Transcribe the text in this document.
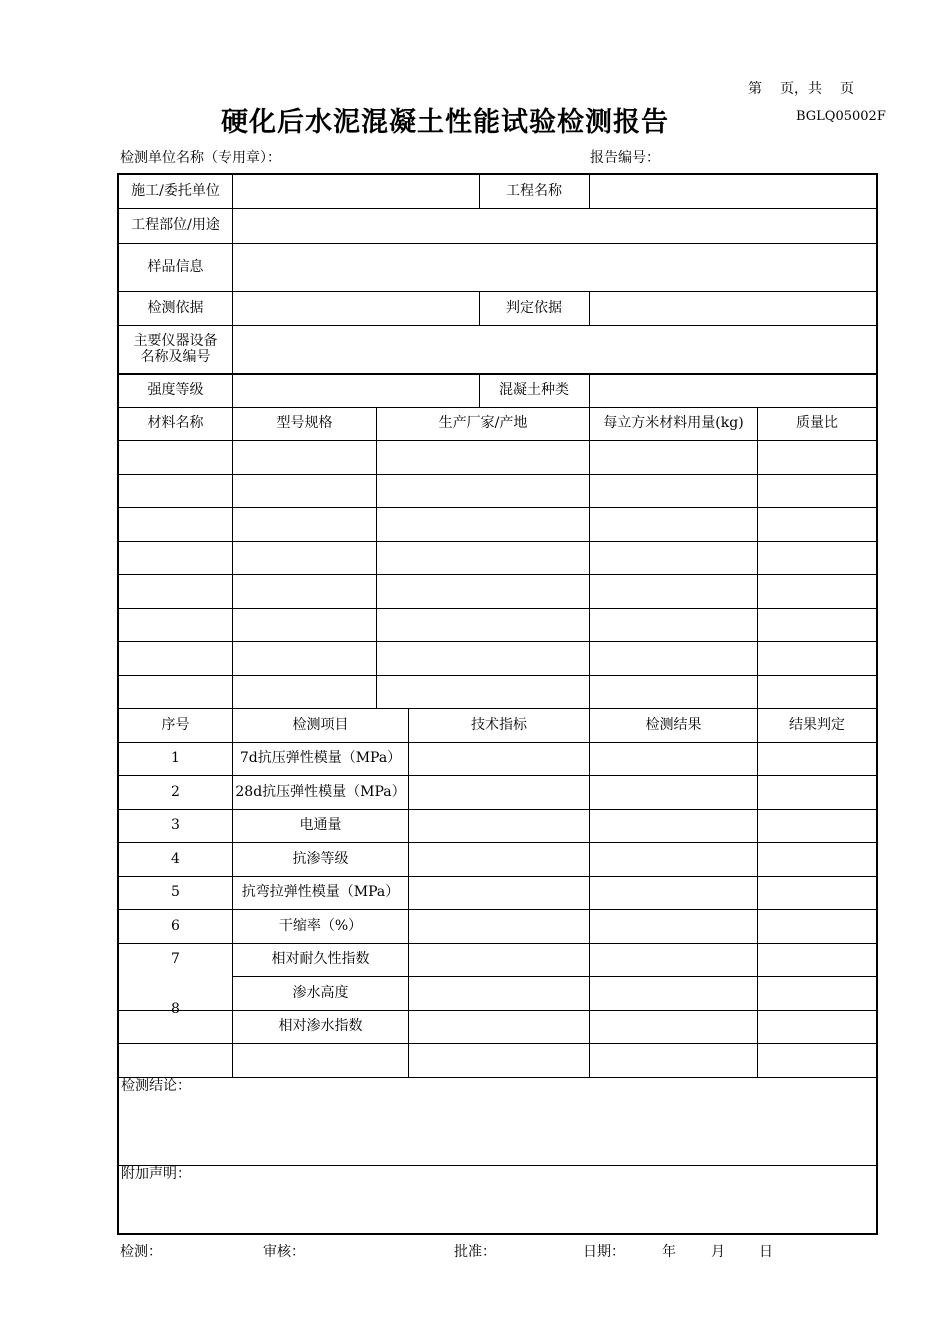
第 页，共 页
硬化后水泥混凝土性能试验检测报告	BGLQ05002F
检测单位名称（专用章）：	报告编号：
施工/委托单位	工程名称
工程部位/用途
样品信息
检测依据	判定依据
主要仪器设备
名称及编号
强度等级	混凝土种类
材料名称	型号规格	生产厂家/产地	每立方米材料用量(kg)	质量比
序号	检测项目	技术指标	检测结果	结果判定
1	7d抗压弹性模量（MPa）
2	28d抗压弹性模量（MPa）
3	电通量
4	抗渗等级
5	抗弯拉弹性模量（MPa）
6	干缩率（%）
7	相对耐久性指数
8
渗水高度
相对渗水指数
检测结论：
附加声明：
检测：	审核：	批准：	日期：	年	月 日
